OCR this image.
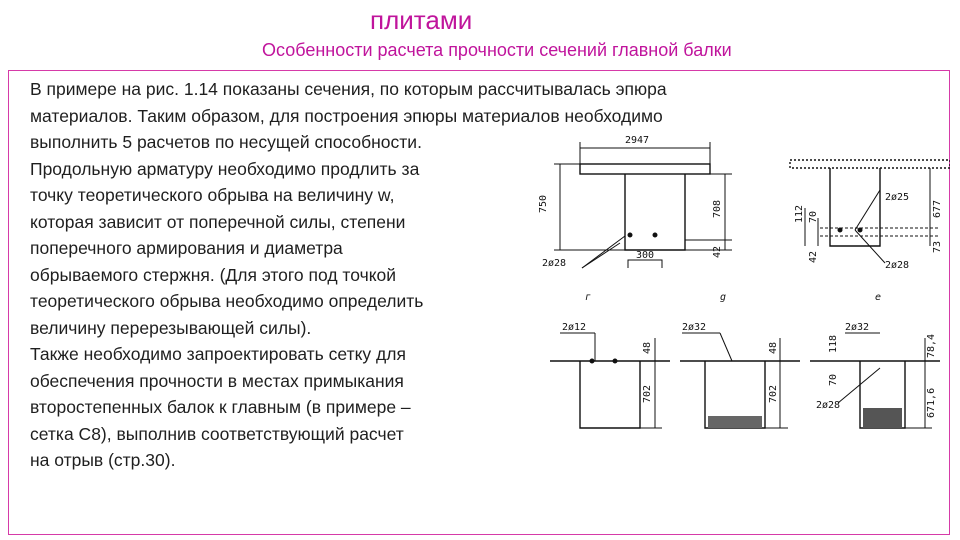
плитами
Особенности расчета прочности сечений главной балки

В примере на рис. 1.14 показаны сечения, по которым рассчитывалась эпюра

материалов. Таким образом, для построения эпюры материалов необходимо

выполнить 5 расчетов по несущей способности.

Продольную арматуру необходимо продлить за

точку теоретического обрыва на величину w,

которая зависит от поперечной силы, степени

поперечного армирования и диаметра

обрываемого стержня. (Для этого под точкой

теоретического обрыва необходимо определить

величину перерезывающей силы).

Также необходимо запроектировать сетку для

обеспечения прочности в местах примыкания

второстепенных балок к главным (в примере –

сетка С8), выполнив соответствующий расчет

на отрыв (стр.30).

2947
750	708
42
300
2ø28
2ø25
677
112 70
42
73
2ø28
г	g	е
2ø12
48
702
2ø32
48
702
2ø32
78,4
118
70
2ø28	671,6
